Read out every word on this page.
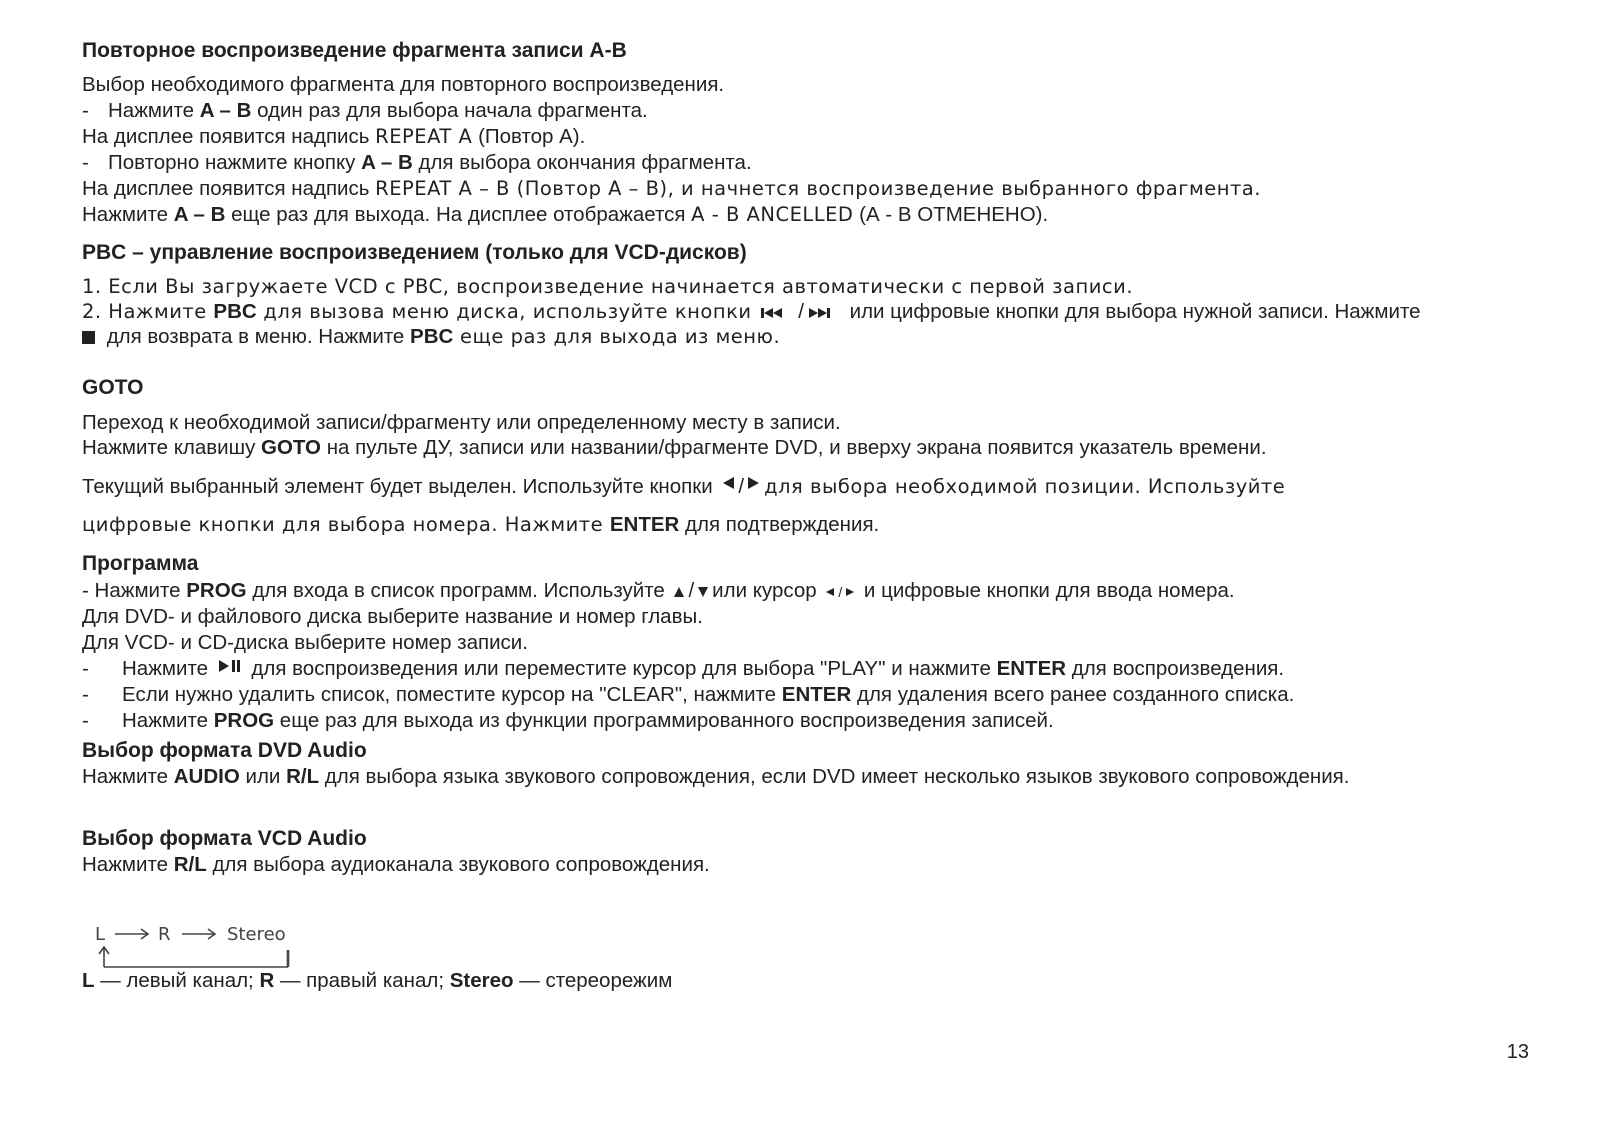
Повторное воспроизведение фрагмента записи A-B
Выбор необходимого фрагмента для повторного воспроизведения.
- Нажмите A – B один раз для выбора начала фрагмента.
На дисплее появится надпись REPEAT A (Повтор А).
- Повторно нажмите кнопку A – B для выбора окончания фрагмента.
На дисплее появится надпись REPEAT A – B (Повтор А – В), и начнется воспроизведение выбранного фрагмента.
Нажмите A – B еще раз для выхода. На дисплее отображается A - B ANCELLED (А - В ОТМЕНЕНО).
PBC – управление воспроизведением (только для VCD-дисков)
1. Если Вы загружаете VCD с PBC, воспроизведение начинается автоматически с первой записи.
2. Нажмите PBC для вызова меню диска, используйте кнопки / или цифровые кнопки для выбора нужной записи. Нажмите
для возврата в меню. Нажмите PBC еще раз для выхода из меню.
GOTO
Переход к необходимой записи/фрагменту или определенному месту в записи.
Нажмите клавишу GOTO на пульте ДУ, записи или названии/фрагменте DVD, и вверху экрана появится указатель времени.
Текущий выбранный элемент будет выделен. Используйте кнопки / для выбора необходимой позиции. Используйте
цифровые кнопки для выбора номера. Нажмите ENTER для подтверждения.
Программа
- Нажмите PROG для входа в список программ. Используйте / или курсор / и цифровые кнопки для ввода номера.
Для DVD- и файлового диска выберите название и номер главы.
Для VCD- и CD-диска выберите номер записи.
- Нажмите  для воспроизведения или переместите курсор для выбора "PLAY" и нажмите ENTER для воспроизведения.
- Если нужно удалить список, поместите курсор на "CLEAR", нажмите ENTER для удаления всего ранее созданного списка.
- Нажмите PROG еще раз для выхода из функции программированного воспроизведения записей.
Выбор формата DVD Audio
Нажмите AUDIO или R/L для выбора языка звукового сопровождения, если DVD имеет несколько языков звукового сопровождения.
Выбор формата VCD Audio
Нажмите R/L для выбора аудиоканала звукового сопровождения.
L	R	Stereo
L — левый канал; R — правый канал; Stereo — стереорежим
13
